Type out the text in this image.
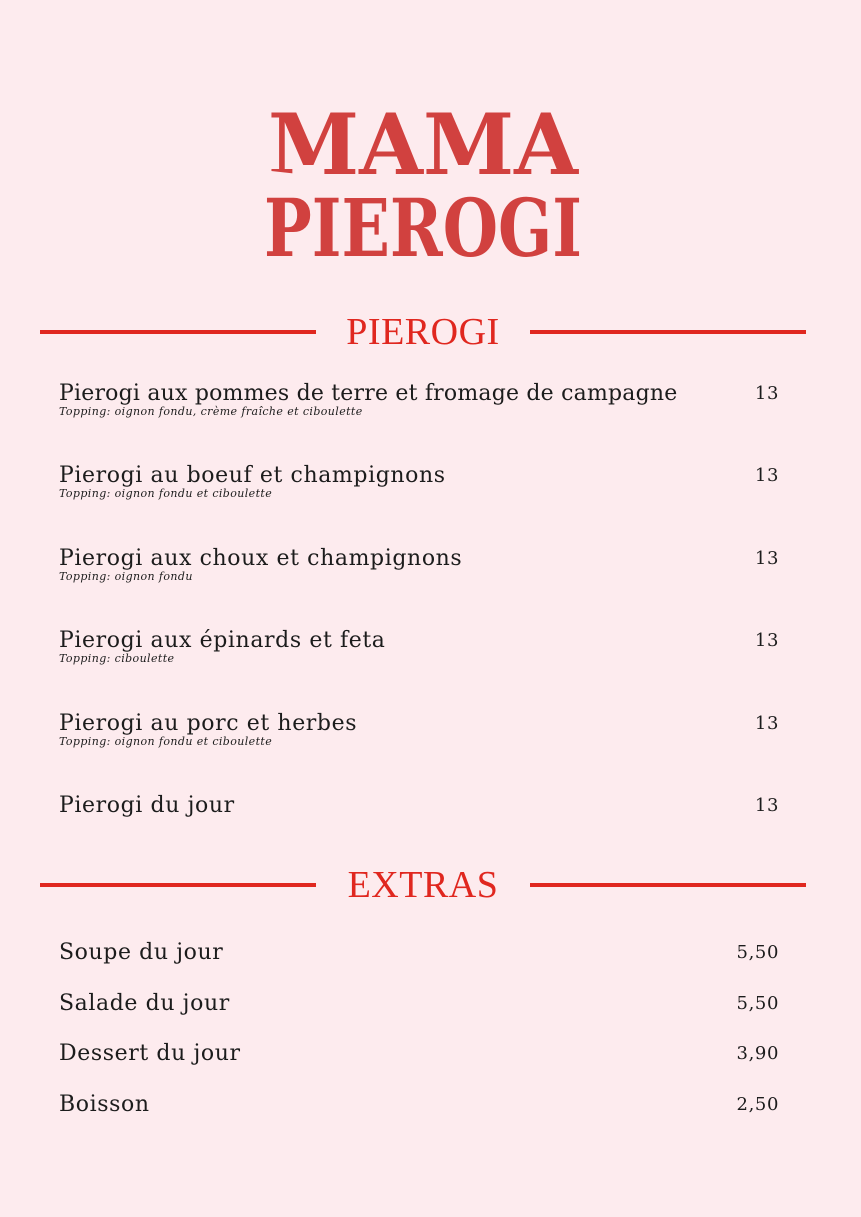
MAMA
PIEROGI
PIEROGI
Pierogi aux pommes de terre et fromage de campagne	13
Topping: oignon fondu, crème fraîche et ciboulette
Pierogi au boeuf et champignons	13
Topping: oignon fondu et ciboulette
Pierogi aux choux et champignons	13
Topping: oignon fondu
Pierogi aux épinards et feta	13
Topping: ciboulette
Pierogi au porc et herbes	13
Topping: oignon fondu et ciboulette
Pierogi du jour	13
EXTRAS
Soupe du jour	5,50
Salade du jour	5,50
Dessert du jour	3,90
Boisson	2,50
